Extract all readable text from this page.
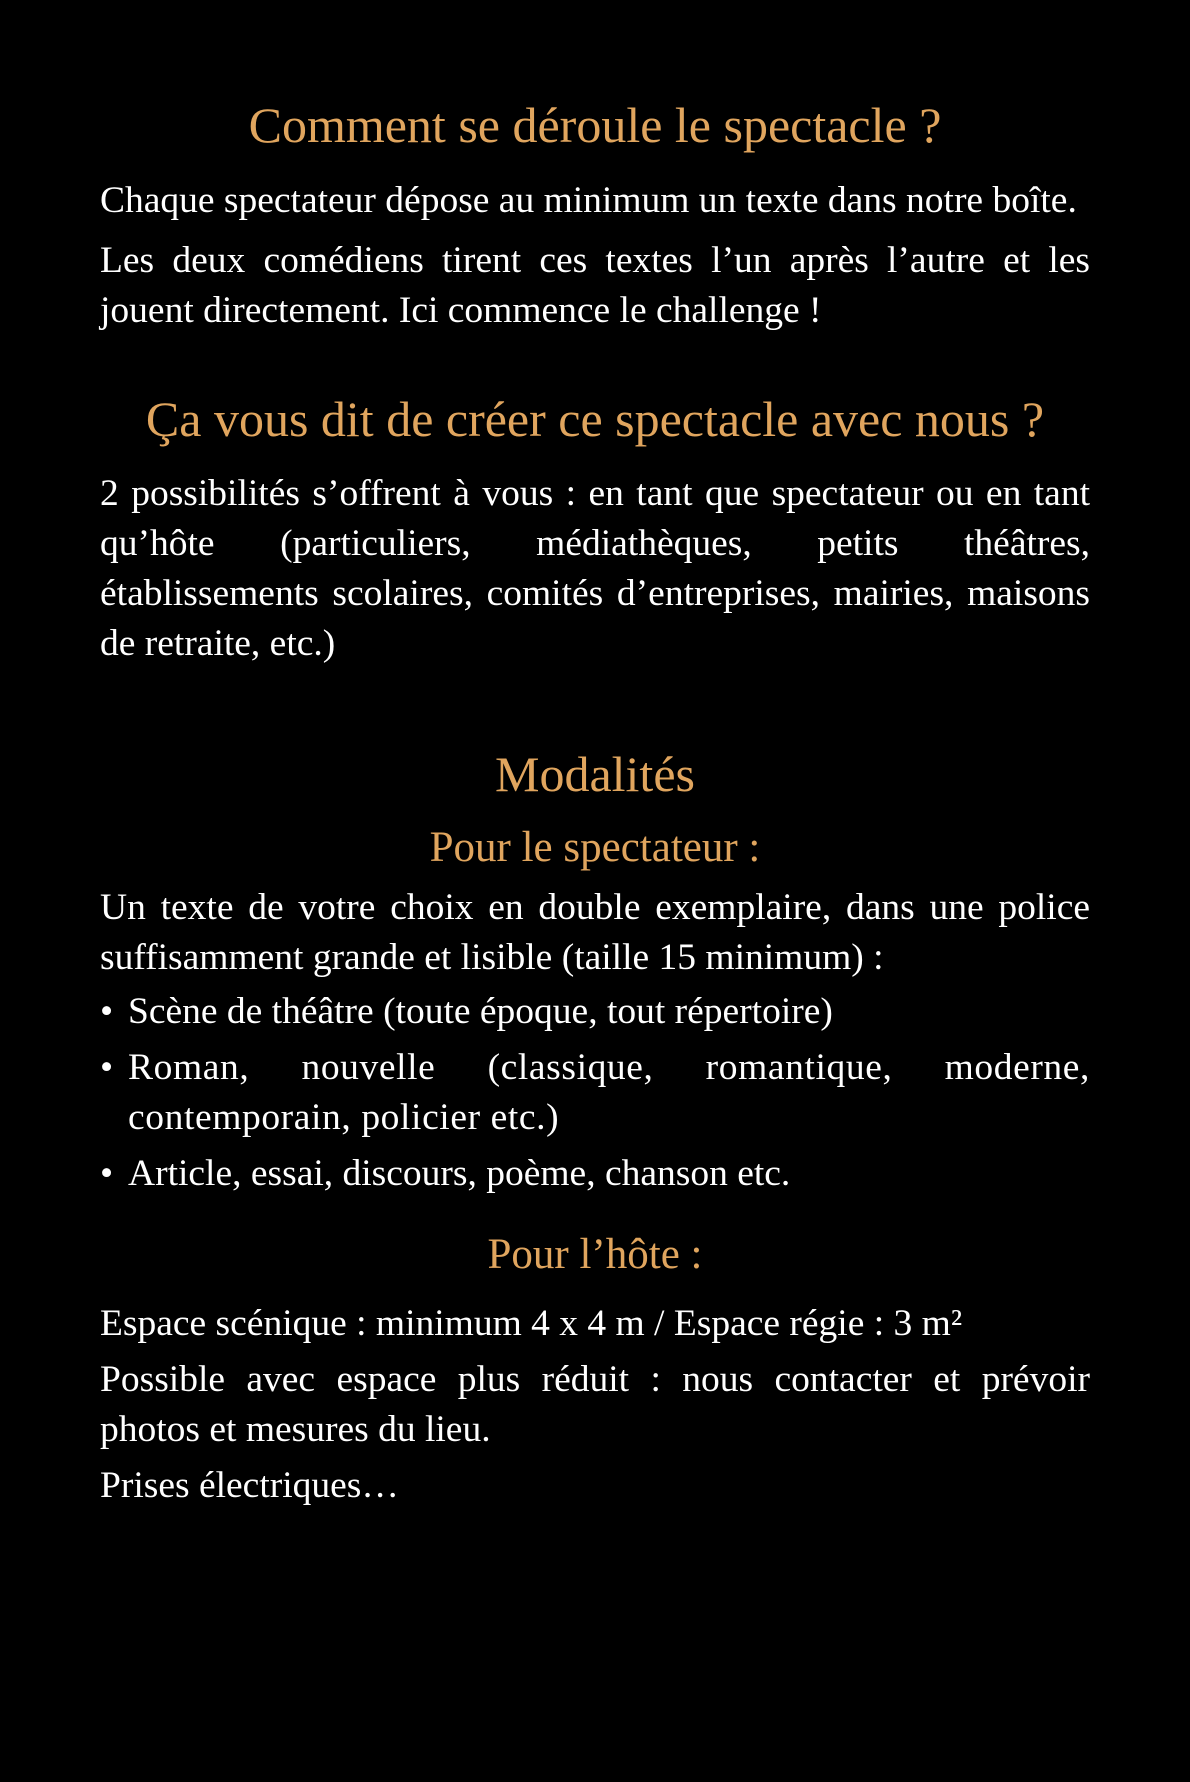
Comment se déroule le spectacle ?

Chaque spectateur dépose au minimum un texte dans notre boîte.

Les deux comédiens tirent ces textes l’un après l’autre et les jouent directement. Ici commence le challenge !

Ça vous dit de créer ce spectacle avec nous ?

2 possibilités s’offrent à vous : en tant que spectateur ou en tant qu’hôte (particuliers, médiathèques, petits théâtres, établissements scolaires, comités d’entreprises, mairies, maisons de retraite, etc.)

Modalités
Pour le spectateur :

Un texte de votre choix en double exemplaire, dans une police suffisamment grande et lisible (taille 15 minimum) :

• Scène de théâtre (toute époque, tout répertoire)
• Roman, nouvelle (classique, romantique, moderne, contemporain, policier etc.)
• Article, essai, discours, poème, chanson etc.
Pour l’hôte :

Espace scénique : minimum 4 x 4 m / Espace régie : 3 m²

Possible avec espace plus réduit : nous contacter et prévoir photos et mesures du lieu.

Prises électriques…
